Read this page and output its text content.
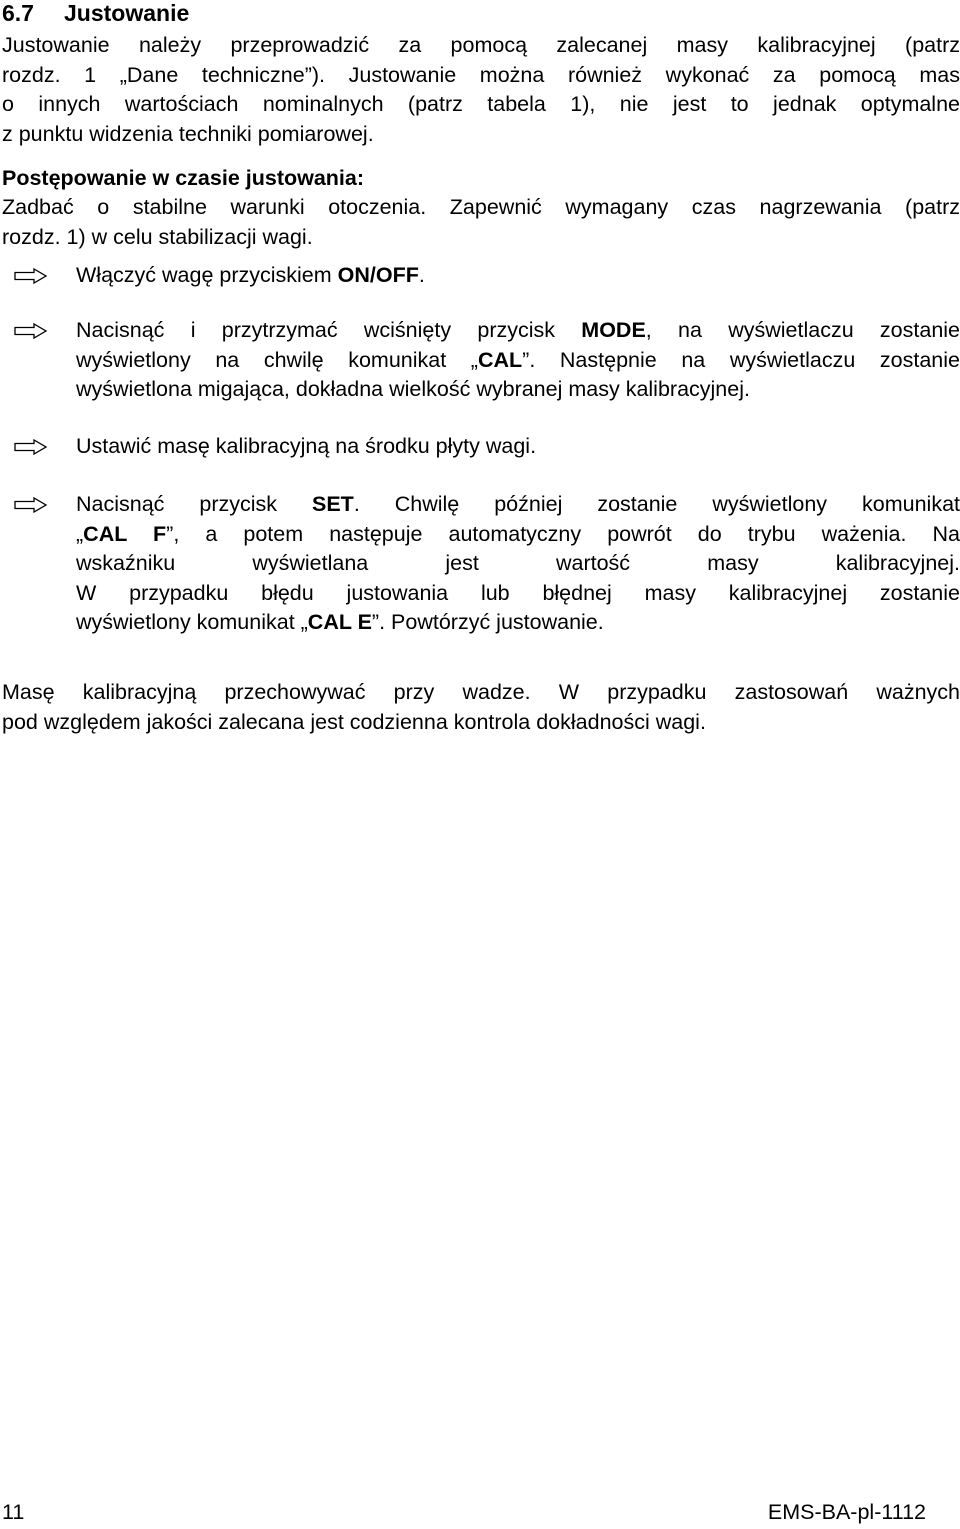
6.7 Justowanie
Justowanie należy przeprowadzić za pomocą zalecanej masy kalibracyjnej (patrz
rozdz. 1 „Dane techniczne”). Justowanie można również wykonać za pomocą mas
o innych wartościach nominalnych (patrz tabela 1), nie jest to jednak optymalne
z punktu widzenia techniki pomiarowej.
Postępowanie w czasie justowania:
Zadbać o stabilne warunki otoczenia. Zapewnić wymagany czas nagrzewania (patrz
rozdz. 1) w celu stabilizacji wagi.
Włączyć wagę przyciskiem ON/OFF.
Nacisnąć i przytrzymać wciśnięty przycisk MODE, na wyświetlaczu zostanie
wyświetlony na chwilę komunikat „CAL”. Następnie na wyświetlaczu zostanie
wyświetlona migająca, dokładna wielkość wybranej masy kalibracyjnej.
Ustawić masę kalibracyjną na środku płyty wagi.
Nacisnąć przycisk SET. Chwilę później zostanie wyświetlony komunikat
„CAL F”, a potem następuje automatyczny powrót do trybu ważenia. Na
wskaźniku wyświetlana jest wartość masy kalibracyjnej.
W przypadku błędu justowania lub błędnej masy kalibracyjnej zostanie
wyświetlony komunikat „CAL E”. Powtórzyć justowanie.
Masę kalibracyjną przechowywać przy wadze. W przypadku zastosowań ważnych
pod względem jakości zalecana jest codzienna kontrola dokładności wagi.
11	EMS-BA-pl-1112
